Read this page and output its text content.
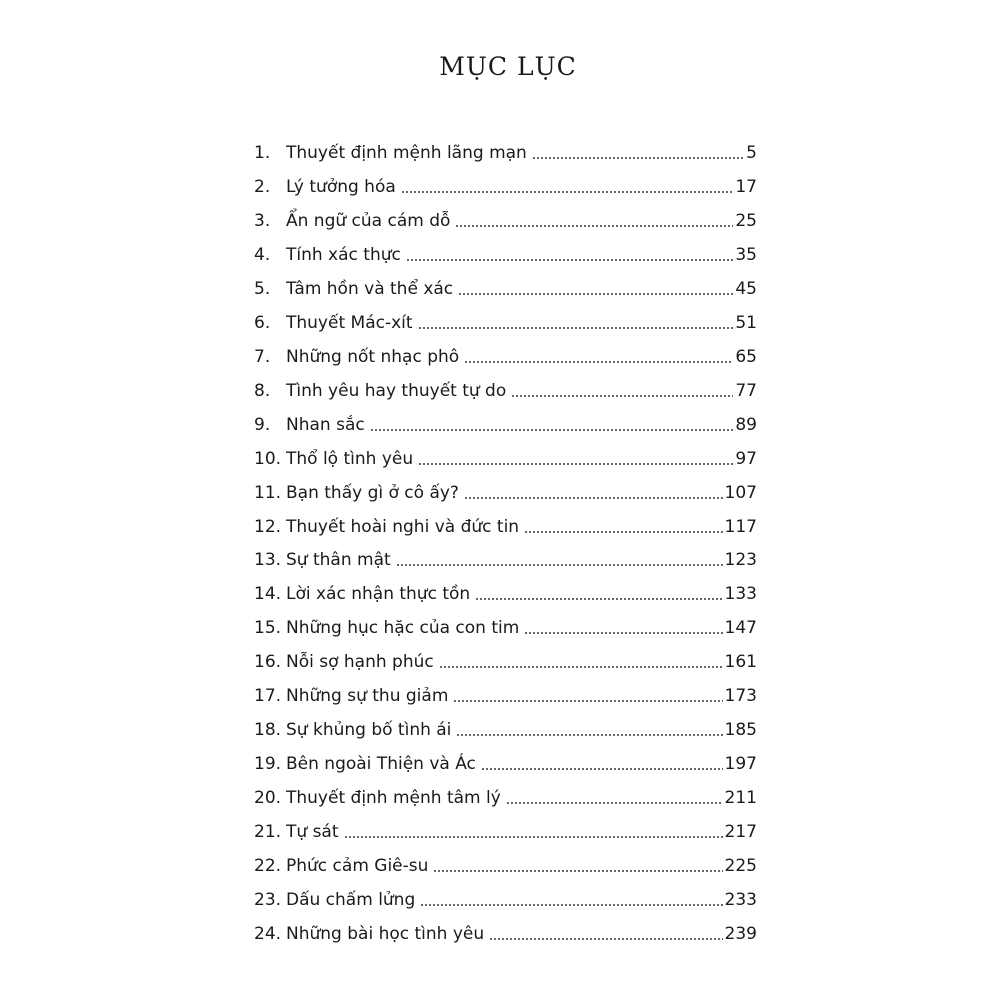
MỤC LỤC
1. Thuyết định mệnh lãng mạn	5
2. Lý tưởng hóa	17
3. Ẩn ngữ của cám dỗ	25
4. Tính xác thực	35
5. Tâm hồn và thể xác	45
6. Thuyết Mác-xít	51
7. Những nốt nhạc phô	65
8. Tình yêu hay thuyết tự do	77
9. Nhan sắc	89
10. Thổ lộ tình yêu	97
11. Bạn thấy gì ở cô ấy?	107
12. Thuyết hoài nghi và đức tin	117
13. Sự thân mật	123
14. Lời xác nhận thực tồn	133
15. Những hục hặc của con tim	147
16. Nỗi sợ hạnh phúc	161
17. Những sự thu giảm	173
18. Sự khủng bố tình ái	185
19. Bên ngoài Thiện và Ác	197
20. Thuyết định mệnh tâm lý	211
21. Tự sát	217
22. Phức cảm Giê-su	225
23. Dấu chấm lửng	233
24. Những bài học tình yêu	239
